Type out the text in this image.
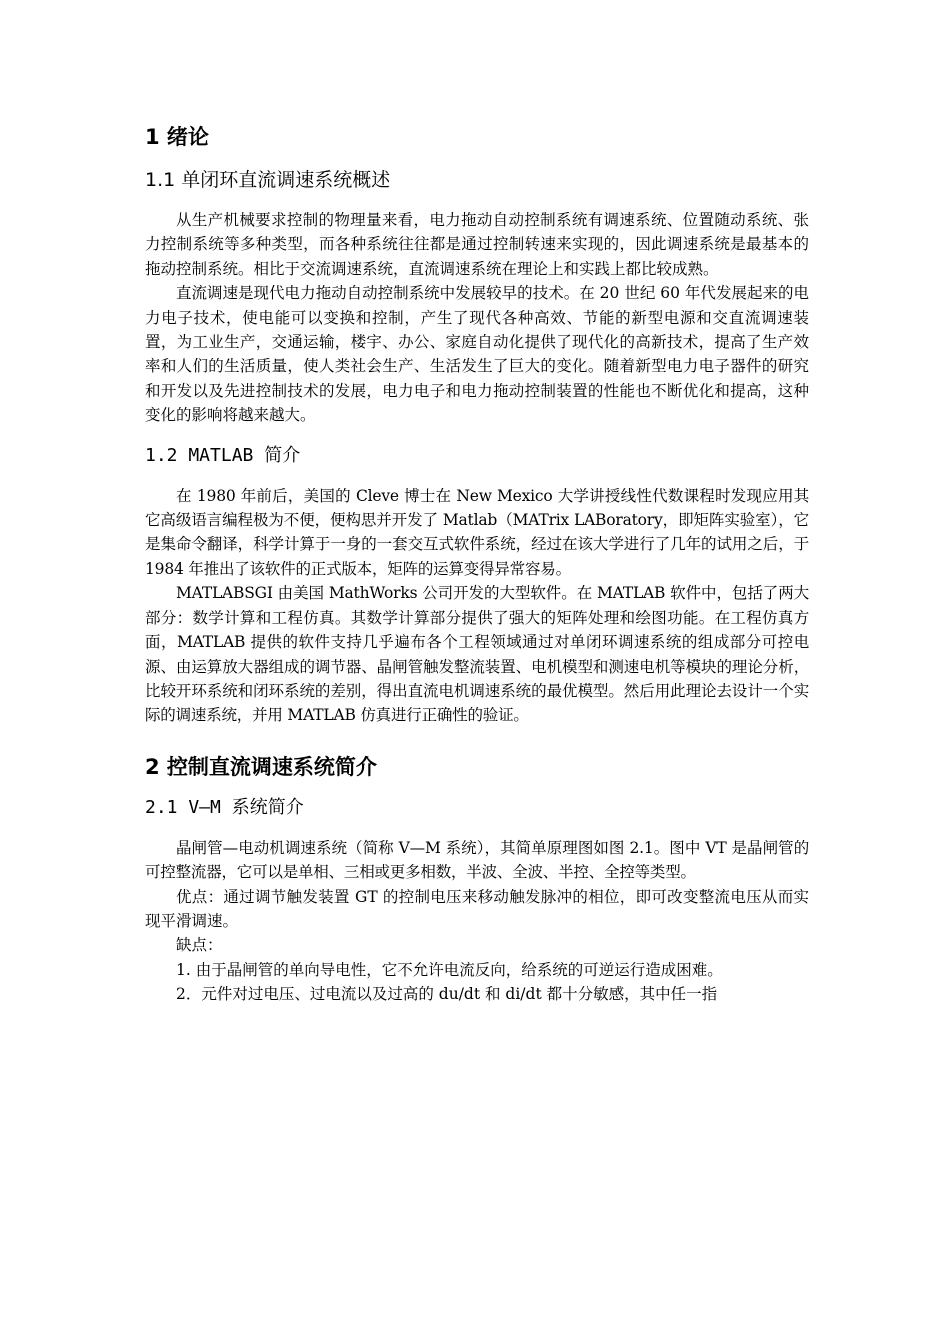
1 绪论
1.1 单闭环直流调速系统概述

从生产机械要求控制的物理量来看，电力拖动自动控制系统有调速系统、位置随动系统、张力控制系统等多种类型，而各种系统往往都是通过控制转速来实现的，因此调速系统是最基本的拖动控制系统。相比于交流调速系统，直流调速系统在理论上和实践上都比较成熟。

直流调速是现代电力拖动自动控制系统中发展较早的技术。在 20 世纪 60 年代发展起来的电力电子技术，使电能可以变换和控制，产生了现代各种高效、节能的新型电源和交直流调速装置，为工业生产，交通运输，楼宇、办公、家庭自动化提供了现代化的高新技术，提高了生产效率和人们的生活质量，使人类社会生产、生活发生了巨大的变化。随着新型电力电子器件的研究和开发以及先进控制技术的发展，电力电子和电力拖动控制装置的性能也不断优化和提高，这种变化的影响将越来越大。

1.2 MATLAB 简介

在 1980 年前后，美国的 Cleve 博士在 New Mexico 大学讲授线性代数课程时发现应用其它高级语言编程极为不便，便构思并开发了 Matlab（MATrix LABoratory，即矩阵实验室），它是集命令翻译，科学计算于一身的一套交互式软件系统，经过在该大学进行了几年的试用之后，于 1984 年推出了该软件的正式版本，矩阵的运算变得异常容易。

MATLABSGI 由美国 MathWorks 公司开发的大型软件。在 MATLAB 软件中，包括了两大部分：数学计算和工程仿真。其数学计算部分提供了强大的矩阵处理和绘图功能。在工程仿真方面，MATLAB 提供的软件支持几乎遍布各个工程领域通过对单闭环调速系统的组成部分可控电源、由运算放大器组成的调节器、晶闸管触发整流装置、电机模型和测速电机等模块的理论分析，比较开环系统和闭环系统的差别，得出直流电机调速系统的最优模型。然后用此理论去设计一个实际的调速系统，并用 MATLAB 仿真进行正确性的验证。

2 控制直流调速系统简介
2.1 V—M 系统简介

晶闸管—电动机调速系统（简称 V—M 系统），其简单原理图如图 2.1。图中 VT 是晶闸管的可控整流器，它可以是单相、三相或更多相数，半波、全波、半控、全控等类型。

优点：通过调节触发装置 GT 的控制电压来移动触发脉冲的相位，即可改变整流电压从而实现平滑调速。

缺点：

1. 由于晶闸管的单向导电性，它不允许电流反向，给系统的可逆运行造成困难。

2．元件对过电压、过电流以及过高的 du/dt 和 di/dt 都十分敏感，其中任一指
